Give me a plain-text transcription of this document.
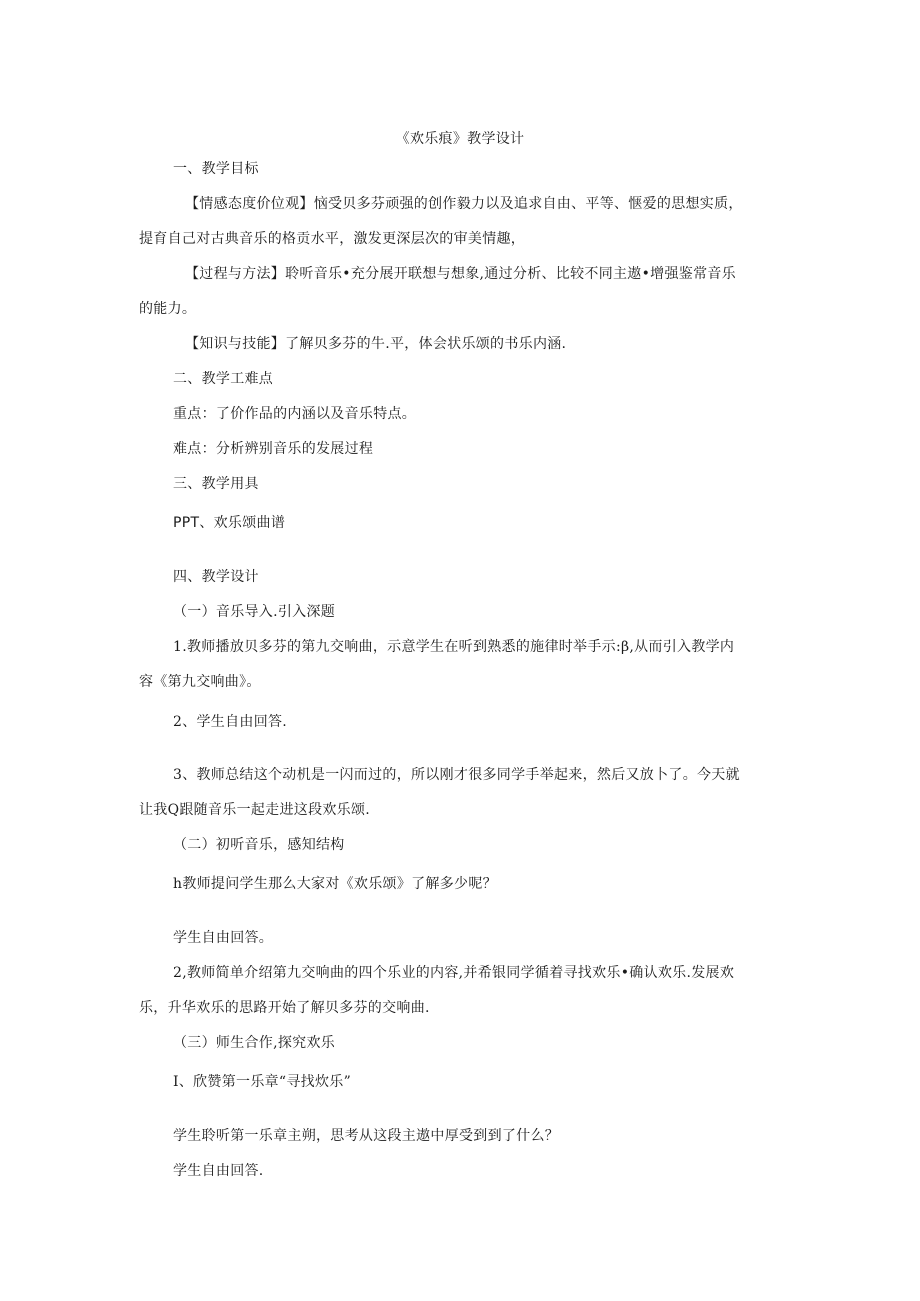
《欢乐痕》教学设计
一、教学目标
【情感态度价位观】恼受贝多芬顽强的创作毅力以及追求自由、平等、惬爱的思想实质，
提育自己对古典音乐的格贡水平，激发更深层次的审美情趣，
【过程与方法】聆听音乐•充分展开联想与想象,通过分析、比较不同主遨•增强鉴常音乐
的能力。
【知识与技能】了解贝多芬的牛.平，体会状乐颂的书乐内涵.
二、教学工难点
重点：了价作品的内涵以及音乐特点。
难点：分析辨别音乐的发展过程
三、教学用具
PPT、欢乐颂曲谱
四、教学设计
（一）音乐导入.引入深题
1.教师播放贝多芬的第九交响曲，示意学生在听到熟悉的施律时举手示:β,从而引入教学内
容《第九交响曲》。
2、学生自由回答.
3、教师总结这个动机是一闪而过的，所以刚才很多同学手举起来，然后又放卜了。今天就
让我Q跟随音乐一起走进这段欢乐颂.
（二）初听音乐，感知结构
h教师提问学生那么大家对《欢乐颂》了解多少呢？
学生自由回答。
2,教师简单介绍第九交响曲的四个乐业的内容,并希银同学循着寻找欢乐•确认欢乐.发展欢
乐，升华欢乐的思路开始了解贝多芬的交响曲.
（三）师生合作,探究欢乐
I、欣赞第一乐章“寻找炊乐”
学生聆听第一乐章主朔，思考从这段主遨中厚受到到了什么？
学生自由回答.
